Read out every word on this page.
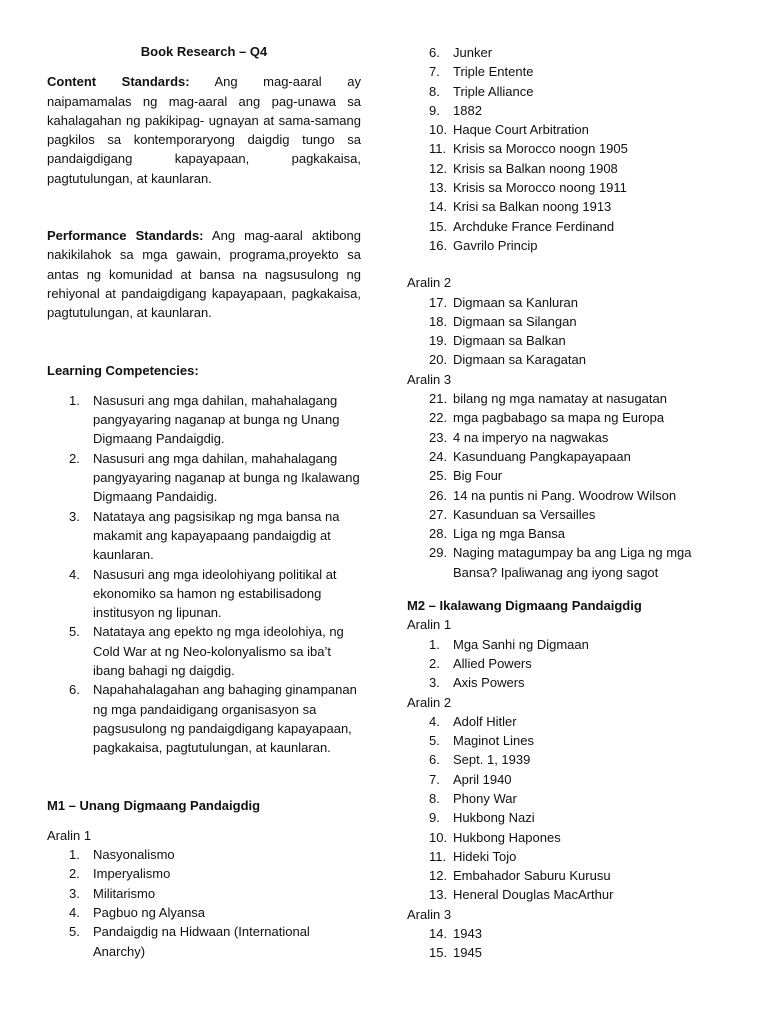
Book Research – Q4

Content Standards: Ang mag-aaral ay naipamamalas ng mag-aaral ang pag-unawa sa kahalagahan ng pakikipag- ugnayan at sama-samang pagkilos sa kontemporaryong daigdig tungo sa pandaigdigang kapayapaan, pagkakaisa, pagtutulungan, at kaunlaran.

Performance Standards: Ang mag-aaral aktibong nakikilahok sa mga gawain, programa,proyekto sa antas ng komunidad at bansa na nagsusulong ng rehiyonal at pandaigdigang kapayapaan, pagkakaisa, pagtutulungan, at kaunlaran.

Learning Competencies:

1.	Nasusuri ang mga dahilan, mahahalagang pangyayaring naganap at bunga ng Unang Digmaang Pandaigdig.
2.	Nasusuri ang mga dahilan, mahahalagang pangyayaring naganap at bunga ng Ikalawang Digmaang Pandaidig.
3.	Natataya ang pagsisikap ng mga bansa na makamit ang kapayapaang pandaigdig at kaunlaran.
4.	Nasusuri ang mga ideolohiyang politikal at ekonomiko sa hamon ng estabilisadong institusyon ng lipunan.
5.	Natataya ang epekto ng mga ideolohiya, ng Cold War at ng Neo-kolonyalismo sa iba’t ibang bahagi ng daigdig.
6.	Napahahalagahan ang bahaging ginampanan ng mga pandaidigang organisasyon sa pagsusulong ng pandaigdigang kapayapaan, pagkakaisa, pagtutulungan, at kaunlaran.

M1 – Unang Digmaang Pandaigdig

Aralin 1

1.	Nasyonalismo
2.	Imperyalismo
3.	Militarismo
4.	Pagbuo ng Alyansa
5.	Pandaigdig na Hidwaan (International Anarchy)
6.	Junker
7.	Triple Entente
8.	Triple Alliance
9.	1882
10. Haque Court Arbitration
11. Krisis sa Morocco noogn 1905
12. Krisis sa Balkan noong 1908
13. Krisis sa Morocco noong 1911
14. Krisi sa Balkan noong 1913
15. Archduke France Ferdinand
16. Gavrilo Princip

Aralin 2

17. Digmaan sa Kanluran
18. Digmaan sa Silangan
19. Digmaan sa Balkan
20. Digmaan sa Karagatan

Aralin 3

21. bilang ng mga namatay at nasugatan
22. mga pagbabago sa mapa ng Europa
23. 4 na imperyo na nagwakas
24. Kasunduang Pangkapayapaan
25. Big Four
26. 14 na puntis ni Pang. Woodrow Wilson
27. Kasunduan sa Versailles
28. Liga ng mga Bansa
29. Naging matagumpay ba ang Liga ng mga Bansa? Ipaliwanag ang iyong sagot

M2 – Ikalawang Digmaang Pandaigdig

Aralin 1

1.	Mga Sanhi ng Digmaan
2.	Allied Powers
3.	Axis Powers

Aralin 2

4.	Adolf Hitler
5.	Maginot Lines
6.	Sept. 1, 1939
7.	April 1940
8.	Phony War
9.	Hukbong Nazi
10. Hukbong Hapones
11. Hideki Tojo
12. Embahador Saburu Kurusu
13. Heneral Douglas MacArthur

Aralin 3

14. 1943
15. 1945
